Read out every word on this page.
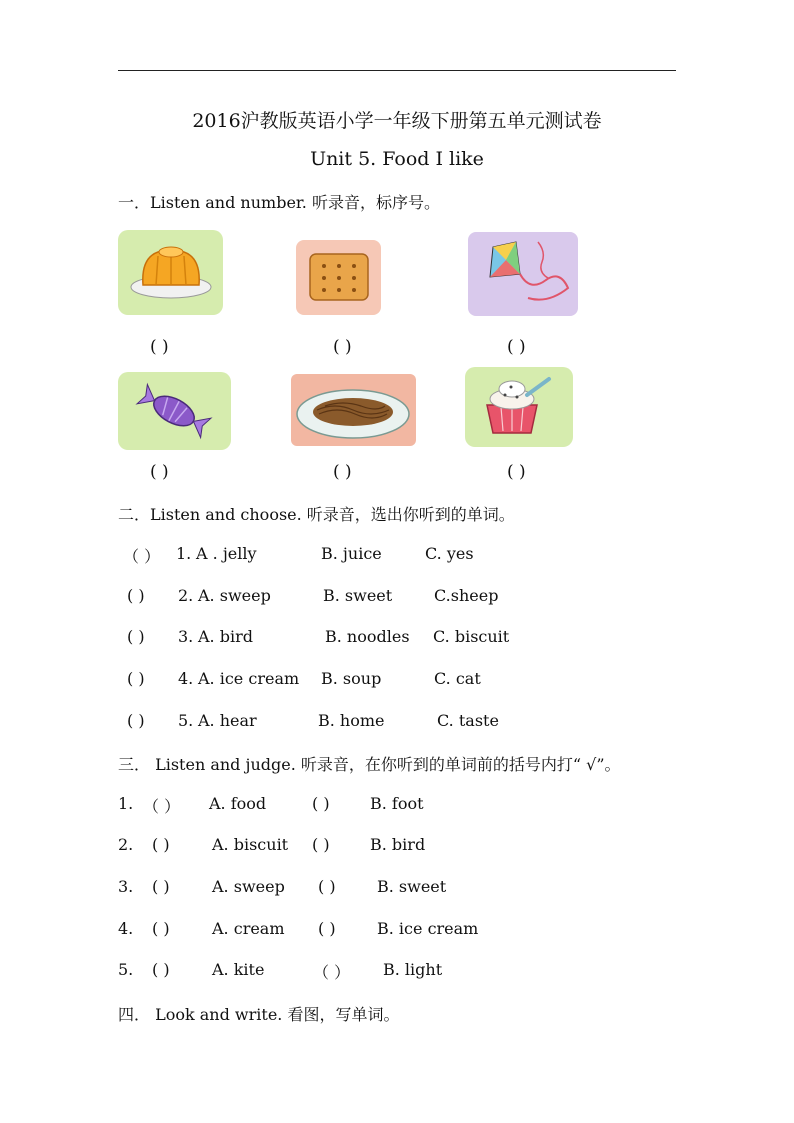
2016沪教版英语小学一年级下册第五单元测试卷
Unit 5. Food I like
一．Listen and number. 听录音，标序号。
( )	( )	( )
( )	( )	( )
二．Listen and choose. 听录音，选出你听到的单词。
（ ） 1. A . jelly	B. juice	C. yes
( ) 2. A. sweep	B. sweet	C.sheep
( ) 3. A. bird	B. noodles C. biscuit
( ) 4. A. ice cream B. soup	C. cat
( ) 5. A. hear	B. home	C. taste
三． Listen and judge. 听录音，在你听到的单词前的括号内打“ √”。
1. （ ） A. food	( )	B. foot
2. ( )	A. biscuit ( )	B. bird
3. ( )	A. sweep ( )	B. sweet
4. ( )	A. cream ( )	B. ice cream
5. ( )	A. kite	（ ） B. light
四． Look and write. 看图，写单词。
